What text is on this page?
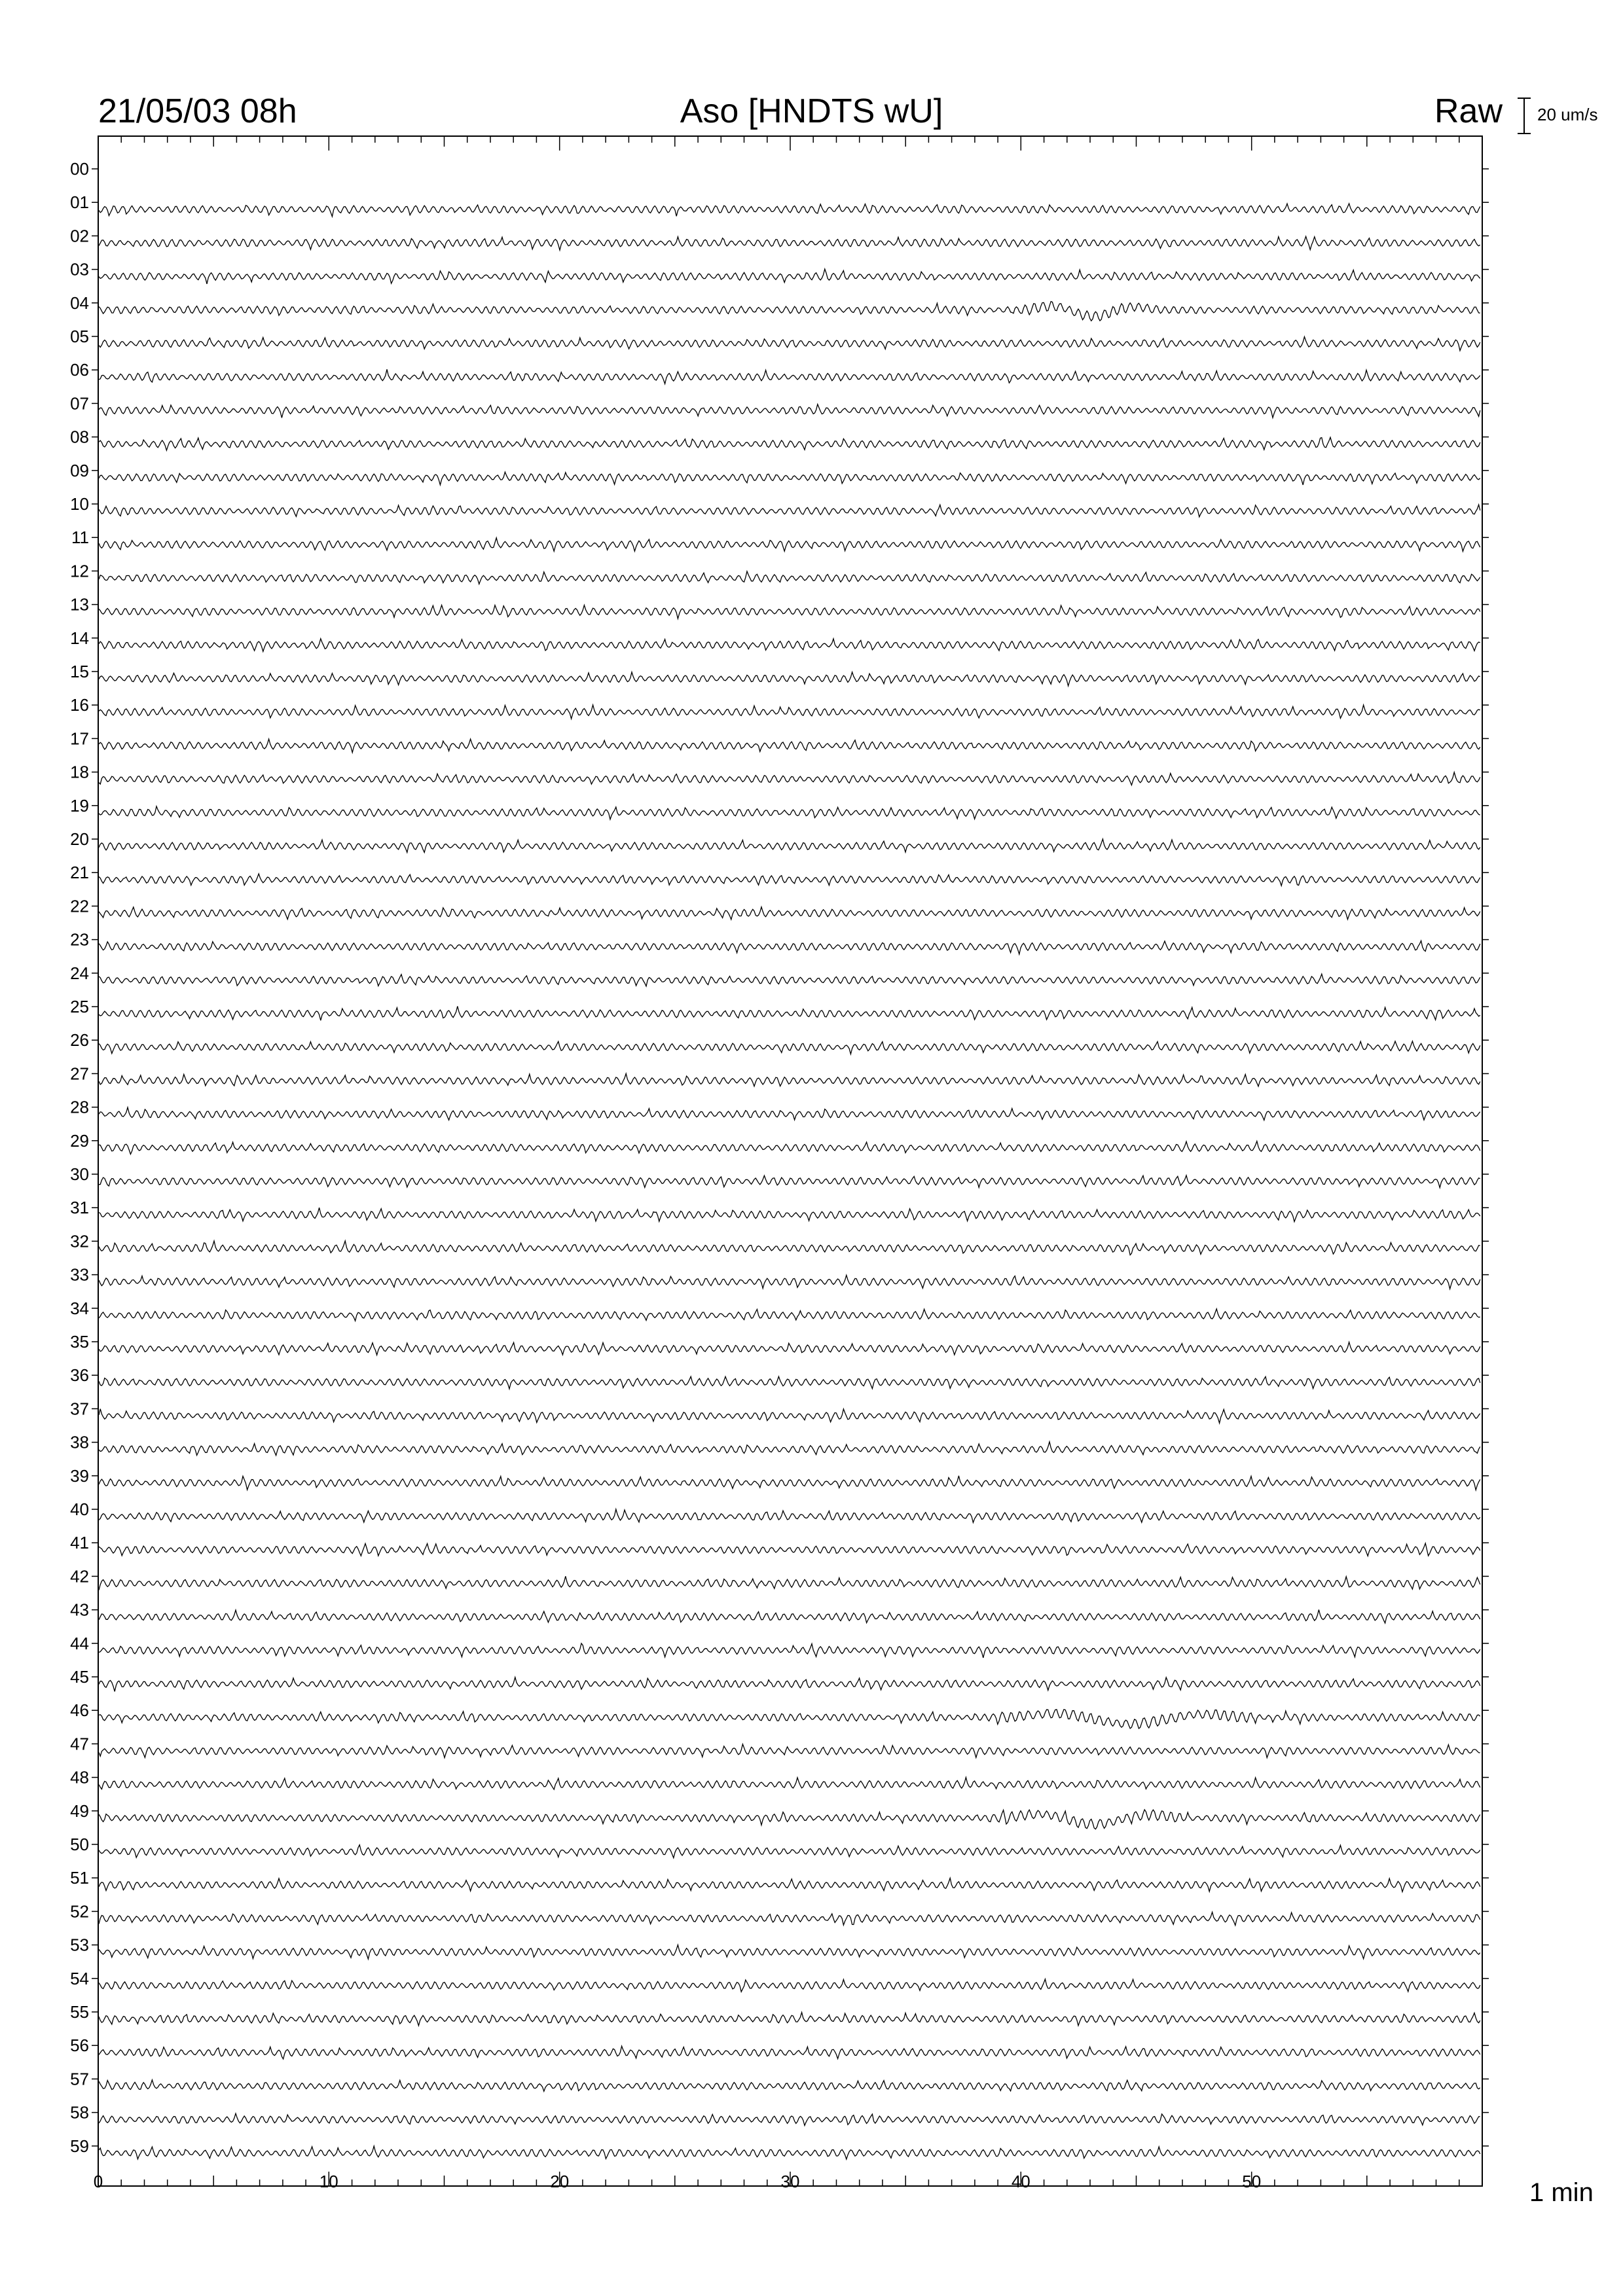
0	10	20	30	40	50
00
01
02
03
04
05
06
07
08
09
10
11
12
13
14
15
16
17
18
19
20
21
22
23
24
25
26
27
28
29
30
31
32
33
34
35
36
37
38
39
40
41
42
43
44
45
46
47
48
49
50
51
52
53
54
55
56
57
58
59
21/05/03 08h	Aso [HNDTS wU]	Raw 20 um/s
1 min
